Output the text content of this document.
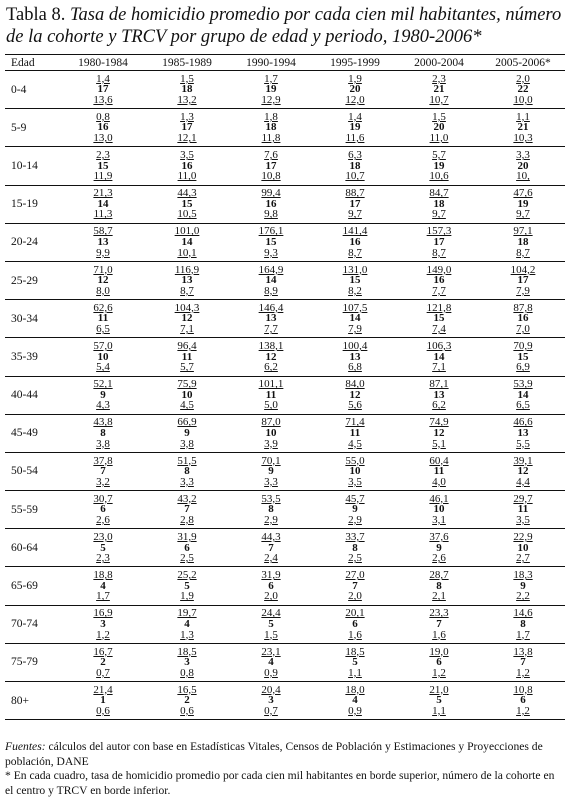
Tabla 8. Tasa de homicidio promedio por cada cien mil habitantes, número de la cohorte y TRCV por grupo de edad y periodo, 1980-2006*
Edad	1980-1984	1985-1989	1990-1994	1995-1999	2000-2004	2005-2006*
0-4	1,4
17
13,6	1,5
18
13,2	1,7
19
12,9	1,9
20
12,0	2,3
21
10,7	2,0
22
10,0

5-9	0,8
16
13,0	1,3
17
12,1	1,8
18
11,8	1,4
19
11,6	1,5
20
11,0	1,1
21
10,3

10-14	2,3
15
11,9	3,5
16
11,0	7,6
17
10,8	6,3
18
10,7	5,7
19
10,6	3,3
20
10,

15-19	21,3
14
11,3	44,3
15
10,5	99,4
16
9,8	88,7
17
9,7	84,7
18
9,7	47,6
19
9,7

20-24	58,7
13
9,9	101,0
14
10,1	176,1
15
9,3	141,4
16
8,7	157,3
17
8,7	97,1
18
8,7

25-29	71,0
12
8,0	116,9
13
8,7	164,9
14
8,9	131,0
15
8,2	149,0
16
7,7	104,2
17
7,9

30-34	62,6
11
6,5	104,3
12
7,1	146,4
13
7,7	107,5
14
7,9	121,8
15
7,4	87,8
16
7,0

35-39	57,0
10
5,4	96,4
11
5,7	138,1
12
6,2	100,4
13
6,8	106,3
14
7,1	70,9
15
6,9

40-44	52,1
9
4,3	75,9
10
4,5	101,1
11
5,0	84,0
12
5,6	87,1
13
6,2	53,9
14
6,5

45-49	43,8
8
3,8	66,9
9
3,8	87,0
10
3,9	71,4
11
4,5	74,9
12
5,1	46,6
13
5,5

50-54	37,8
7
3,2	51,5
8
3,3	70,1
9
3,3	55,0
10
3,5	60,4
11
4,0	39,1
12
4,4

55-59	30,7
6
2,6	43,2
7
2,8	53,5
8
2,9	45,7
9
2,9	46,1
10
3,1	29,7
11
3,5

60-64	23,0
5
2,3	31,9
6
2,5	44,3
7
2,4	33,7
8
2,5	37,6
9
2,6	22,9
10
2,7

65-69	18,8
4
1,7	25,2
5
1,9	31,9
6
2,0	27,0
7
2,0	28,7
8
2,1	18,3
9
2,2

70-74	16,9
3
1,2	19,7
4
1,3	24,4
5
1,5	20,1
6
1,6	23,3
7
1,6	14,6
8
1,7

75-79	16,7
2
0,7	18,5
3
0,8	23,1
4
0,9	18,5
5
1,1	19,0
6
1,2	13,8
7
1,2

80+	21,4
1
0,6	16,5
2
0,6	20,4
3
0,7	18,0
4
0,9	21,0
5
1,1	10,8
6
1,2
Fuentes: cálculos del autor con base en Estadísticas Vitales, Censos de Población y Estimaciones y Proyecciones de población, DANE
* En cada cuadro, tasa de homicidio promedio por cada cien mil habitantes en borde superior, número de la cohorte en el centro y TRCV en borde inferior.
